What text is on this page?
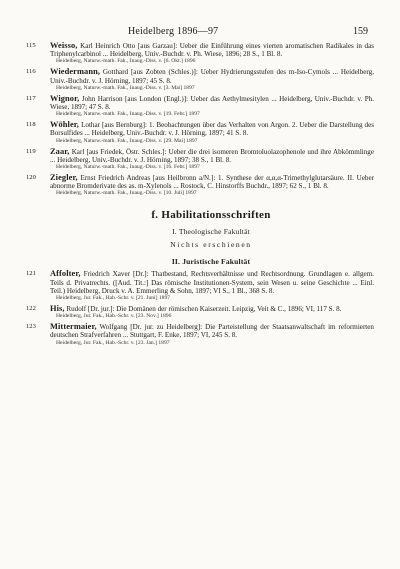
Heidelberg 1896—97	159
115 Weisso, Karl Heinrich Otto [aus Garzau]: Ueber die Einführung eines vierten aromatischen Radikales in das Triphenylcarbinol ... Heidelberg, Univ.-Buchdr. v. Ph. Wiese, 1896; 28 S., 1 Bl. 8.

Heidelberg, Naturw.-math. Fak., Inaug.-Diss. v. [6. Okt.] 1896
116 Wiedermann, Gotthard [aus Zobten (Schles.)]: Ueber Hydrierungsstufen des m-Iso-Cymols ... Heidelberg, Univ.-Buchdr. v. J. Hörning, 1897; 45 S. 8.

Heidelberg, Naturw.-math. Fak., Inaug.-Diss. v. [3. Mai] 1897
117 Wignor, John Harrison [aus London (Engl.)]: Ueber das Aethylmesitylen ... Heidelberg, Univ.-Buchdr. v. Ph. Wiese, 1897; 47 S. 8.

Heidelberg, Naturw.-math. Fak., Inaug.-Diss. v. [19. Febr.] 1897
118 Wöhler, Lothar [aus Bernburg]: 1. Beobachtungen über das Verhalten von Argon. 2. Ueber die Darstellung des Borsulfides ... Heidelberg, Univ.-Buchdr. v. J. Hörning, 1897; 41 S. 8.

Heidelberg, Naturw.-math. Fak., Inaug.-Diss. v. [29. Mai] 1897
119 Zaar, Karl [aus Friedek, Östr. Schles.]: Ueber die drei isomeren Bromtoluolazophenole und ihre Abkömmlinge ... Heidelberg, Univ.-Buchdr. v. J. Hörning, 1897; 38 S., 1 Bl. 8.

Heidelberg, Naturw.-math. Fak., Inaug.-Diss. v. [16. Febr.] 1897
120 Ziegler, Ernst Friedrich Andreas [aus Heilbronn a/N.]: 1. Synthese der α,α,α-Trimethylglutarsäure. II. Ueber abnorme Bromderivate des as. m-Xylenols ... Rostock, C. Hinstorffs Buchdr., 1897; 62 S., 1 Bl. 8.

Heidelberg, Naturw.-math. Fak., Inaug.-Diss. v. [10. Juli] 1897
f. Habilitationsschriften
I. Theologische Fakultät
Nichts erschienen
II. Juristische Fakultät
121 Affolter, Friedrich Xaver [Dr.]: Thatbestand, Rechtsverhältnisse und Rechtsordnung. Grundlagen e. allgem. Teils d. Privatrechts. ([Aud. Tit.:] Das römische Institutionen-System, sein Wesen u. seine Geschichte ... Einl. Teil.) Heidelberg, Druck v. A. Emmerling & Sohn, 1897; VI S., 1 Bl., 368 S. 8.

Heidelberg, Jur. Fak., Hab.-Schr. v. [21. Juni] 1897
122 His, Rudolf [Dr. jur.]: Die Domänen der römischen Kaiserzeit. Leipzig, Veit & C., 1896; VI, 117 S. 8.

Heidelberg, Jur. Fak., Hab.-Schr. v. [23. Nov.] 1896
123 Mittermaier, Wolfgang [Dr. jur. zu Heidelberg]: Die Parteistellung der Staatsanwaltschaft im reformierten deutschen Strafverfahren ... Stuttgart, F. Enke, 1897; VI, 245 S. 8.

Heidelberg, Jur. Fak., Hab.-Schr. v. [23. Jan.] 1897
